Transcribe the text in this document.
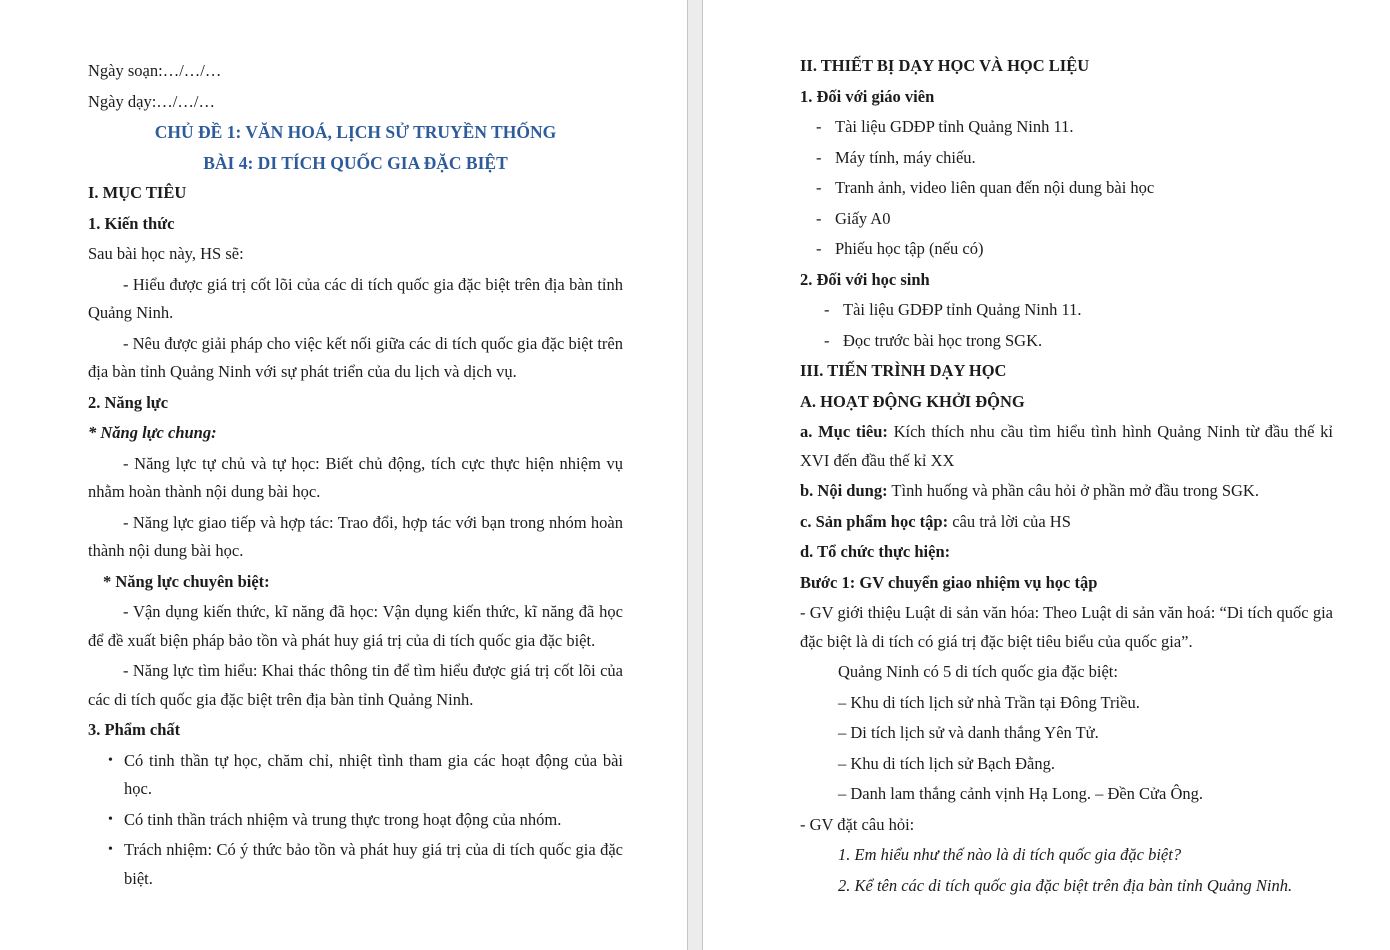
Ngày soạn:…/…/…

Ngày dạy:…/…/…

CHỦ ĐỀ 1: VĂN HOÁ, LỊCH SỬ TRUYỀN THỐNG

BÀI 4: DI TÍCH QUỐC GIA ĐẶC BIỆT

I. MỤC TIÊU

1. Kiến thức

Sau bài học này, HS sẽ:

- Hiểu được giá trị cốt lõi của các di tích quốc gia đặc biệt trên địa bàn tỉnh Quảng Ninh.

- Nêu được giải pháp cho việc kết nối giữa các di tích quốc gia đặc biệt trên địa bàn tỉnh Quảng Ninh với sự phát triển của du lịch và dịch vụ.

2. Năng lực

* Năng lực chung:

- Năng lực tự chủ và tự học: Biết chủ động, tích cực thực hiện nhiệm vụ nhằm hoàn thành nội dung bài học.

- Năng lực giao tiếp và hợp tác: Trao đổi, hợp tác với bạn trong nhóm hoàn thành nội dung bài học.

* Năng lực chuyên biệt:

- Vận dụng kiến thức, kĩ năng đã học: Vận dụng kiến thức, kĩ năng đã học để đề xuất biện pháp bảo tồn và phát huy giá trị của di tích quốc gia đặc biệt.

- Năng lực tìm hiểu: Khai thác thông tin để tìm hiểu được giá trị cốt lõi của các di tích quốc gia đặc biệt trên địa bàn tỉnh Quảng Ninh.

3. Phẩm chất

• Có tinh thần tự học, chăm chỉ, nhiệt tình tham gia các hoạt động của bài học.

• Có tinh thần trách nhiệm và trung thực trong hoạt động của nhóm.

• Trách nhiệm: Có ý thức bảo tồn và phát huy giá trị của di tích quốc gia đặc biệt.

II. THIẾT BỊ DẠY HỌC VÀ HỌC LIỆU

1. Đối với giáo viên

- Tài liệu GDĐP tỉnh Quảng Ninh 11.

- Máy tính, máy chiếu.

- Tranh ảnh, video liên quan đến nội dung bài học

- Giấy A0

- Phiếu học tập (nếu có)

2. Đối với học sinh

- Tài liệu GDĐP tỉnh Quảng Ninh 11.

- Đọc trước bài học trong SGK.

III. TIẾN TRÌNH DẠY HỌC

A. HOẠT ĐỘNG KHỞI ĐỘNG

a. Mục tiêu: Kích thích nhu cầu tìm hiểu tình hình Quảng Ninh từ đầu thế kỉ XVI đến đầu thế kỉ XX

b. Nội dung: Tình huống và phần câu hỏi ở phần mở đầu trong SGK.

c. Sản phẩm học tập: câu trả lời của HS

d. Tổ chức thực hiện:

Bước 1: GV chuyển giao nhiệm vụ học tập

- GV giới thiệu Luật di sản văn hóa: Theo Luật di sản văn hoá: “Di tích quốc gia đặc biệt là di tích có giá trị đặc biệt tiêu biểu của quốc gia”.

Quảng Ninh có 5 di tích quốc gia đặc biệt:

– Khu di tích lịch sử nhà Trần tại Đông Triều.

– Di tích lịch sử và danh thắng Yên Tử.

– Khu di tích lịch sử Bạch Đằng.

– Danh lam thắng cảnh vịnh Hạ Long. – Đền Cửa Ông.

- GV đặt câu hỏi:

1. Em hiểu như thế nào là di tích quốc gia đặc biệt?

2. Kể tên các di tích quốc gia đặc biệt trên địa bàn tỉnh Quảng Ninh.
